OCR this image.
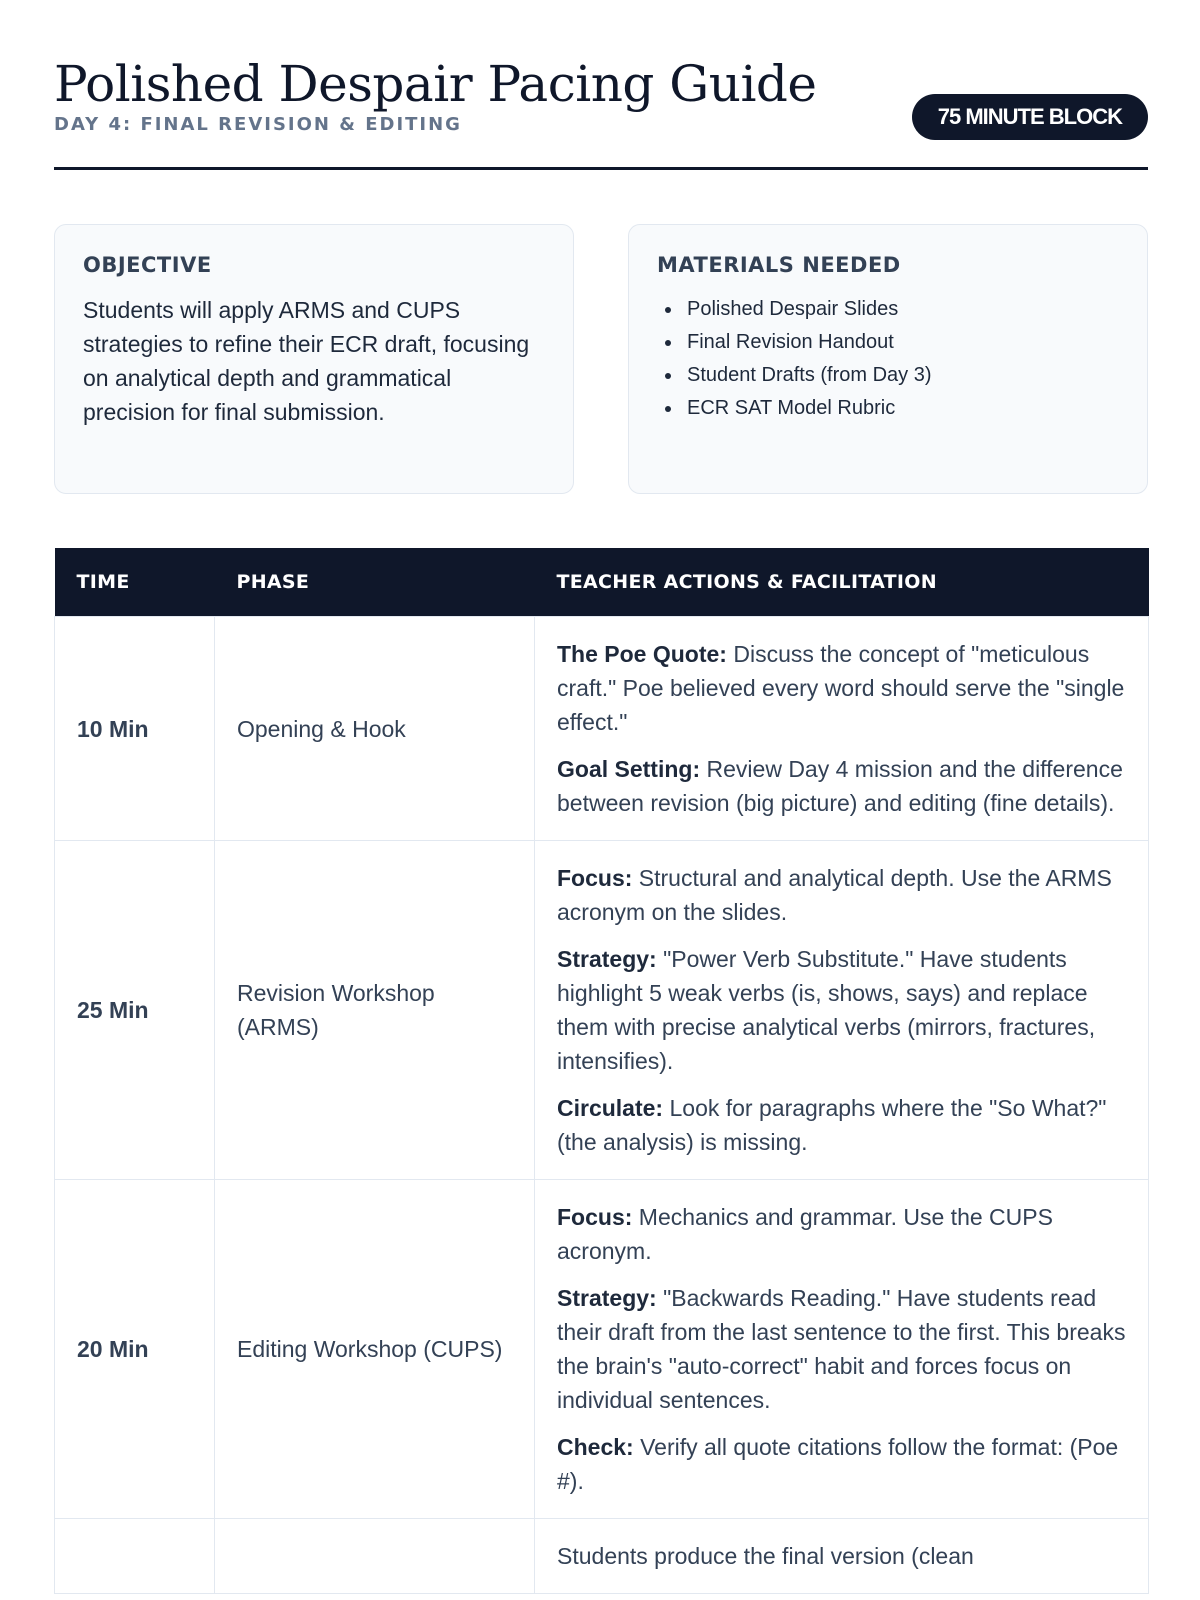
Polished Despair Pacing Guide
DAY 4: FINAL REVISION & EDITING	75 MINUTE BLOCK
OBJECTIVE
Students will apply ARMS and CUPS strategies to refine their ECR draft, focusing on analytical depth and grammatical precision for final submission.
MATERIALS NEEDED
• Polished Despair Slides
• Final Revision Handout
• Student Drafts (from Day 3)
• ECR SAT Model Rubric
TIME	PHASE	TEACHER ACTIONS & FACILITATION
10 Min	Opening & Hook	The Poe Quote: Discuss the concept of "meticulous craft." Poe believed every word should serve the "single effect."

Goal Setting: Review Day 4 mission and the difference between revision (big picture) and editing (fine details).

25 Min	Revision Workshop (ARMS)	Focus: Structural and analytical depth. Use the ARMS acronym on the slides.

Strategy: "Power Verb Substitute." Have students highlight 5 weak verbs (is, shows, says) and replace them with precise analytical verbs (mirrors, fractures, intensifies).

Circulate: Look for paragraphs where the "So What?" (the analysis) is missing.

20 Min	Editing Workshop (CUPS)	Focus: Mechanics and grammar. Use the CUPS acronym.

Strategy: "Backwards Reading." Have students read their draft from the last sentence to the first. This breaks the brain's "auto-correct" habit and forces focus on individual sentences.

Check: Verify all quote citations follow the format: (Poe #).

		Students produce the final version (clean
